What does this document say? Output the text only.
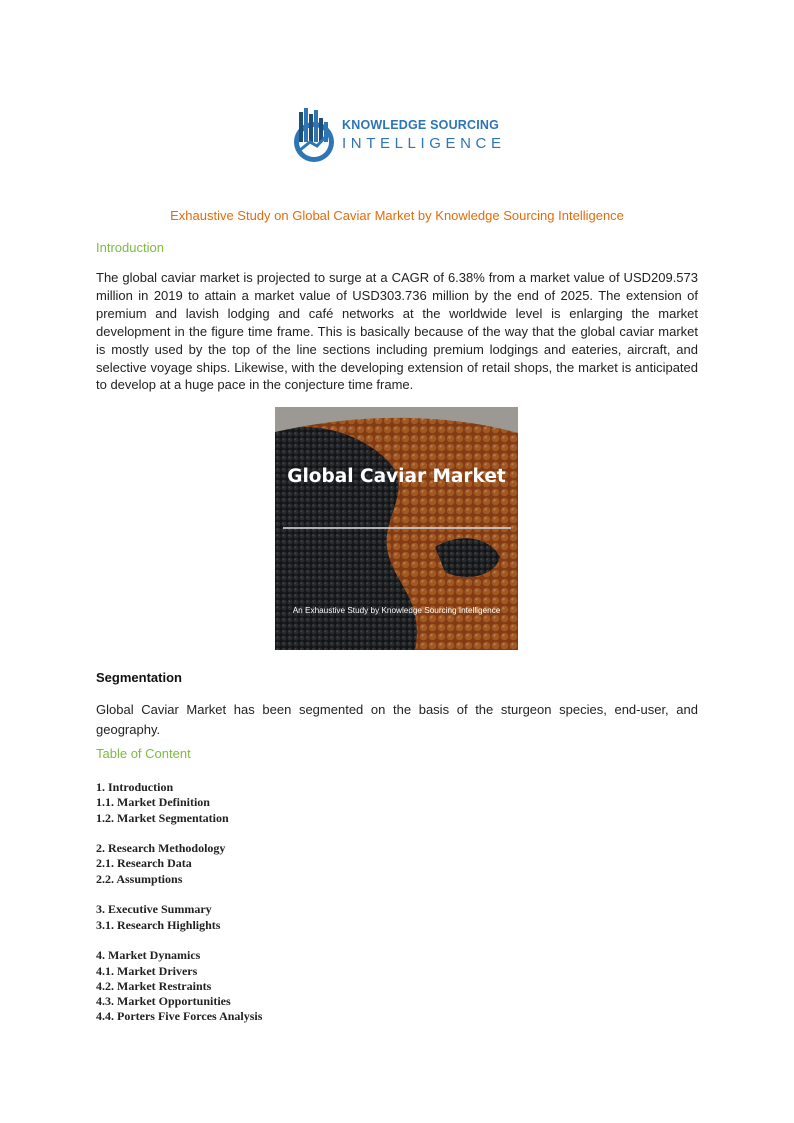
KNOWLEDGE SOURCING
INTELLIGENCE
Exhaustive Study on Global Caviar Market by Knowledge Sourcing Intelligence
Introduction

The global caviar market is projected to surge at a CAGR of 6.38% from a market value of USD209.573 million in 2019 to attain a market value of USD303.736 million by the end of 2025. The extension of premium and lavish lodging and café networks at the worldwide level is enlarging the market development in the figure time frame. This is basically because of the way that the global caviar market is mostly used by the top of the line sections including premium lodgings and eateries, aircraft, and selective voyage ships. Likewise, with the developing extension of retail shops, the market is anticipated to develop at a huge pace in the conjecture time frame.

Global Caviar Market
An Exhaustive Study by Knowledge Sourcing Intelligence
Segmentation

Global Caviar Market has been segmented on the basis of the sturgeon species, end-user, and geography.

Table of Content
1. Introduction
1.1. Market Definition
1.2. Market Segmentation
2. Research Methodology
2.1. Research Data
2.2. Assumptions
3. Executive Summary
3.1. Research Highlights
4. Market Dynamics
4.1. Market Drivers
4.2. Market Restraints
4.3. Market Opportunities
4.4. Porters Five Forces Analysis
